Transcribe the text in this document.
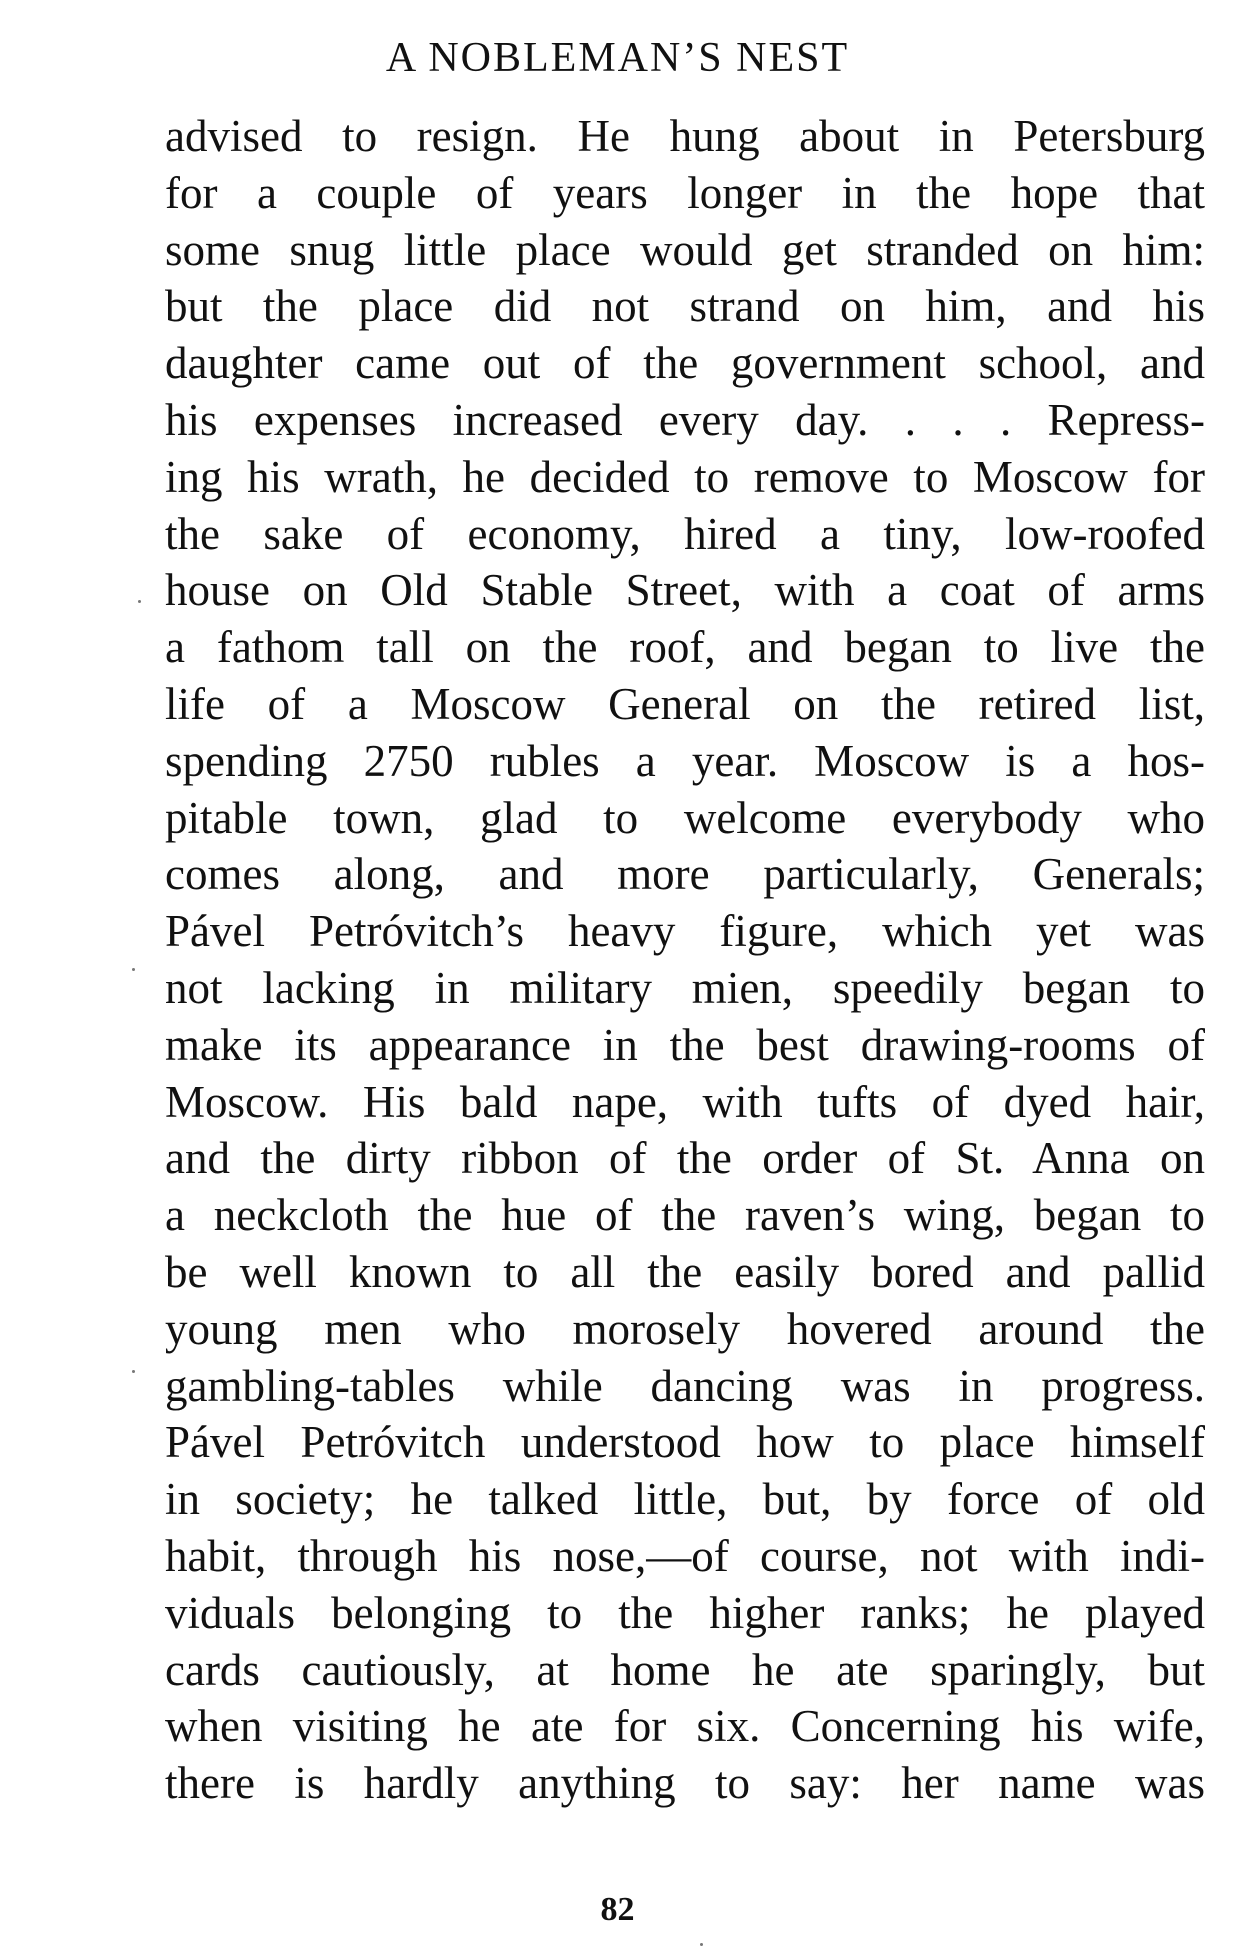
A NOBLEMAN’S NEST
advised to resign. He hung about in Petersburg
for a couple of years longer in the hope that
some snug little place would get stranded on him:
but the place did not strand on him, and his
daughter came out of the government school, and
his expenses increased every day. . . . Repress-
ing his wrath, he decided to remove to Moscow for
the sake of economy, hired a tiny, low-roofed
house on Old Stable Street, with a coat of arms
a fathom tall on the roof, and began to live the
life of a Moscow General on the retired list,
spending 2750 rubles a year. Moscow is a hos-
pitable town, glad to welcome everybody who
comes along, and more particularly, Generals;
Pável Petróvitch’s heavy figure, which yet was
not lacking in military mien, speedily began to
make its appearance in the best drawing-rooms of
Moscow. His bald nape, with tufts of dyed hair,
and the dirty ribbon of the order of St. Anna on
a neckcloth the hue of the raven’s wing, began to
be well known to all the easily bored and pallid
young men who morosely hovered around the
gambling-tables while dancing was in progress.
Pável Petróvitch understood how to place himself
in society; he talked little, but, by force of old
habit, through his nose,—of course, not with indi-
viduals belonging to the higher ranks; he played
cards cautiously, at home he ate sparingly, but
when visiting he ate for six. Concerning his wife,
there is hardly anything to say: her name was
82
